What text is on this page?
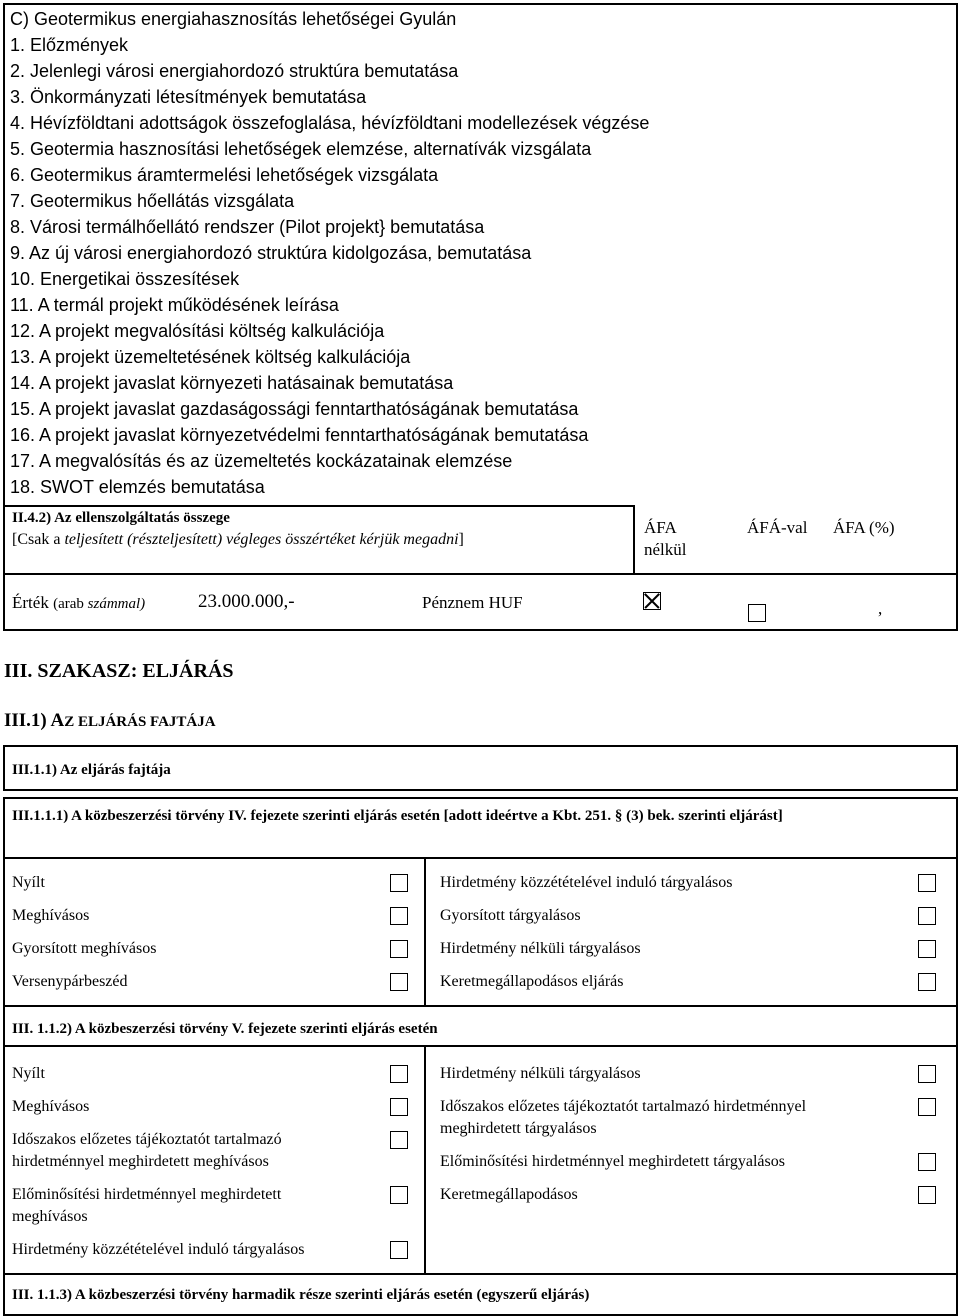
C) Geotermikus energiahasznosítás lehetőségei Gyulán
1. Előzmények
2. Jelenlegi városi energiahordozó struktúra bemutatása
3. Önkormányzati létesítmények bemutatása
4. Hévízföldtani adottságok összefoglalása, hévízföldtani modellezések végzése
5. Geotermia hasznosítási lehetőségek elemzése, alternatívák vizsgálata
6. Geotermikus áramtermelési lehetőségek vizsgálata
7. Geotermikus hőellátás vizsgálata
8. Városi termálhőellátó rendszer (Pilot projekt} bemutatása
9. Az új városi energiahordozó struktúra kidolgozása, bemutatása
10. Energetikai összesítések
11. A termál projekt működésének leírása
12. A projekt megvalósítási költség kalkulációja
13. A projekt üzemeltetésének költség kalkulációja
14. A projekt javaslat környezeti hatásainak bemutatása
15. A projekt javaslat gazdaságossági fenntarthatóságának bemutatása
16. A projekt javaslat környezetvédelmi fenntarthatóságának bemutatása
17. A megvalósítás és az üzemeltetés kockázatainak elemzése
18. SWOT elemzés bemutatása
II.4.2) Az ellenszolgáltatás összege
[Csak a teljesített (részteljesített) végleges összértéket kérjük megadni]
ÁFA nélkül
ÁFÁ-val ÁFA (%)
Érték (arab számmal)	23.000.000,-	Pénznem HUF	,
III. SZAKASZ: ELJÁRÁS
III.1) AZ ELJÁRÁS FAJTÁJA
III.1.1) Az eljárás fajtája
III.1.1.1) A közbeszerzési törvény IV. fejezete szerinti eljárás esetén [adott ideértve a Kbt. 251. § (3) bek. szerinti eljárást]
Nyílt
Meghívásos
Gyorsított meghívásos
Versenypárbeszéd
Hirdetmény közzétételével induló tárgyalásos
Gyorsított tárgyalásos
Hirdetmény nélküli tárgyalásos
Keretmegállapodásos eljárás
III. 1.1.2) A közbeszerzési törvény V. fejezete szerinti eljárás esetén
Nyílt
Meghívásos
Időszakos előzetes tájékoztatót tartalmazó hirdetménnyel meghirdetett meghívásos
Előminősítési hirdetménnyel meghirdetett meghívásos
Hirdetmény közzétételével induló tárgyalásos
Hirdetmény nélküli tárgyalásos
Időszakos előzetes tájékoztatót tartalmazó hirdetménnyel meghirdetett tárgyalásos
Előminősítési hirdetménnyel meghirdetett tárgyalásos
Keretmegállapodásos
III. 1.1.3) A közbeszerzési törvény harmadik része szerinti eljárás esetén (egyszerű eljárás)
